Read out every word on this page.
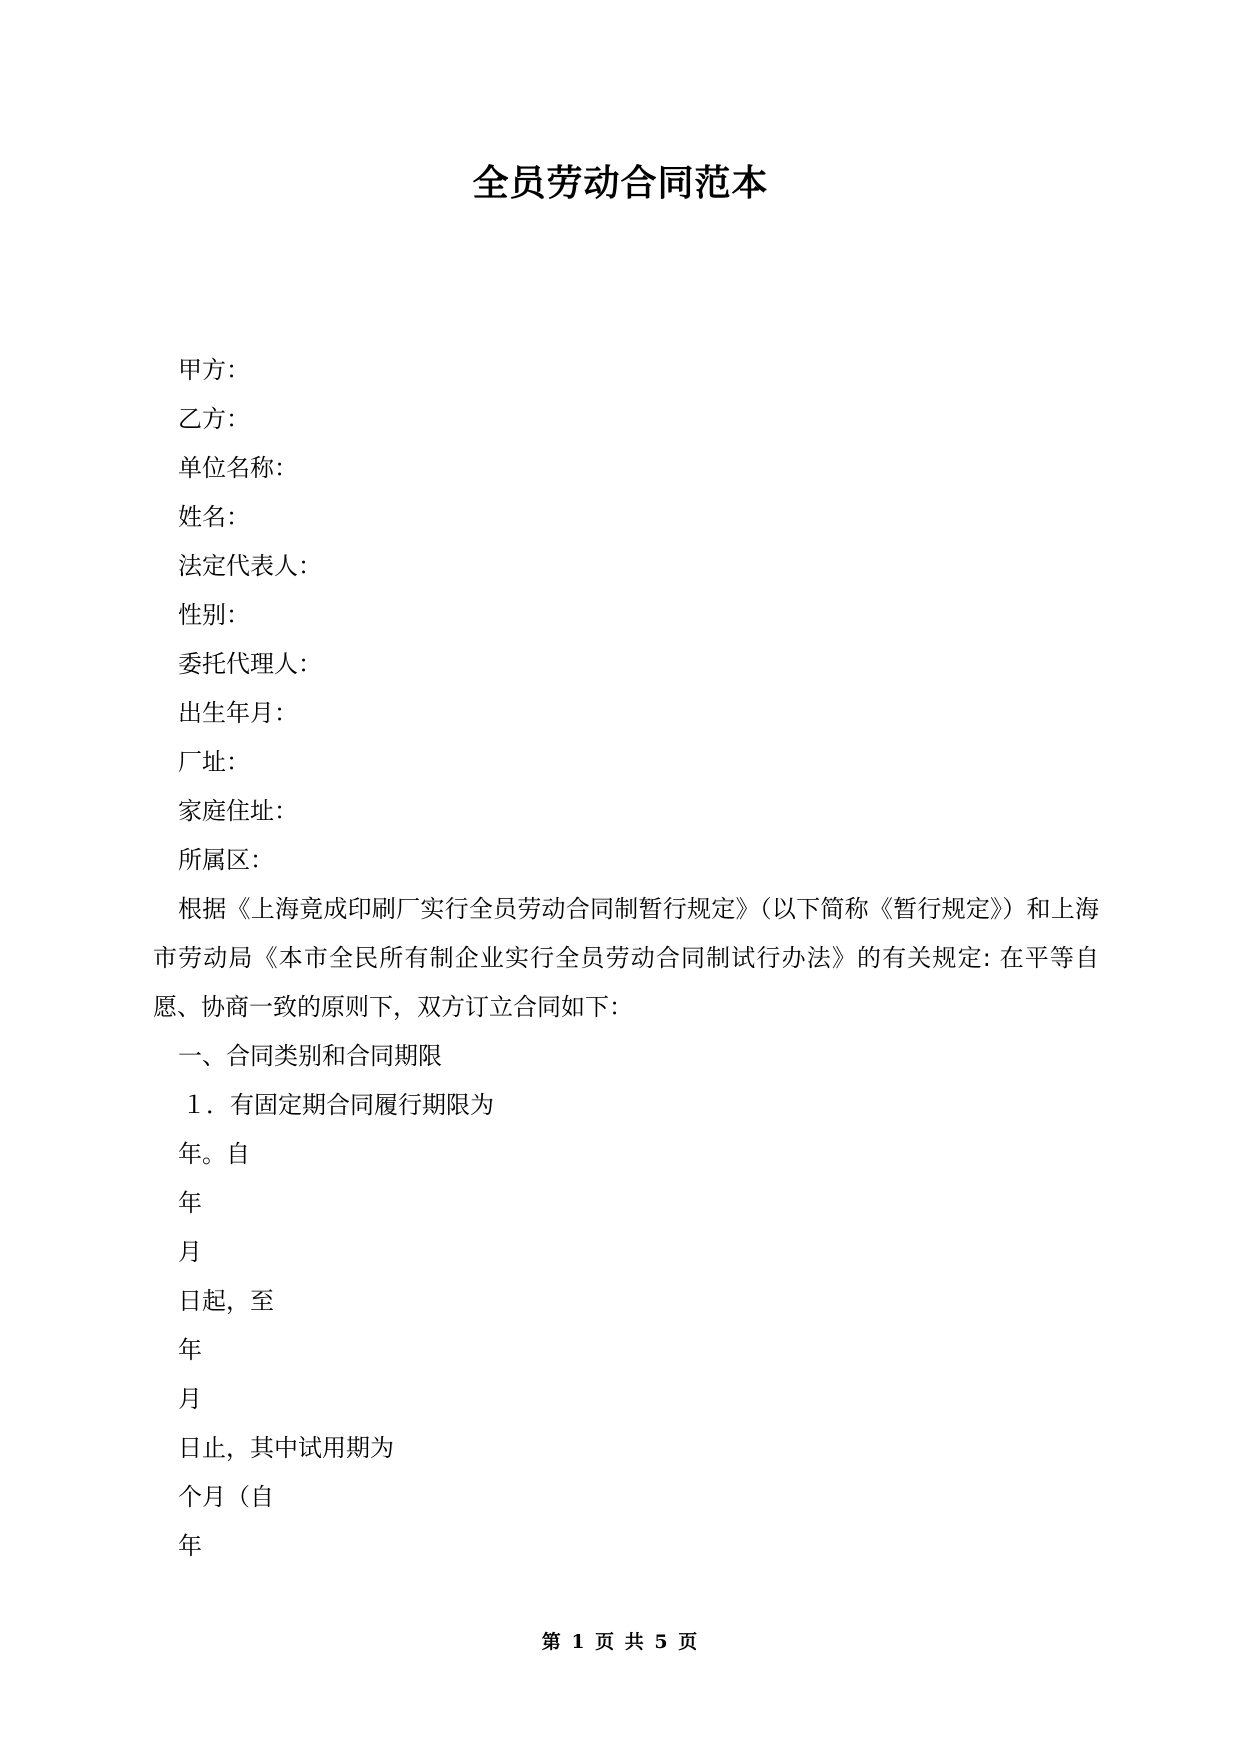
全员劳动合同范本
甲方：
乙方：
单位名称：
姓名：
法定代表人：
性别：
委托代理人：
出生年月：
厂址：
家庭住址：
所属区：
根据《上海竟成印刷厂实行全员劳动合同制暂行规定》（以下简称《暂行规定》）和上海市劳动局《本市全民所有制企业实行全员劳动合同制试行办法》的有关规定: 在平等自愿、协商一致的原则下，双方订立合同如下：
一、合同类别和合同期限
１．有固定期合同履行期限为
年。自
年
月
日起，至
年
月
日止，其中试用期为
个月（自
年
第 1 页 共 5 页
